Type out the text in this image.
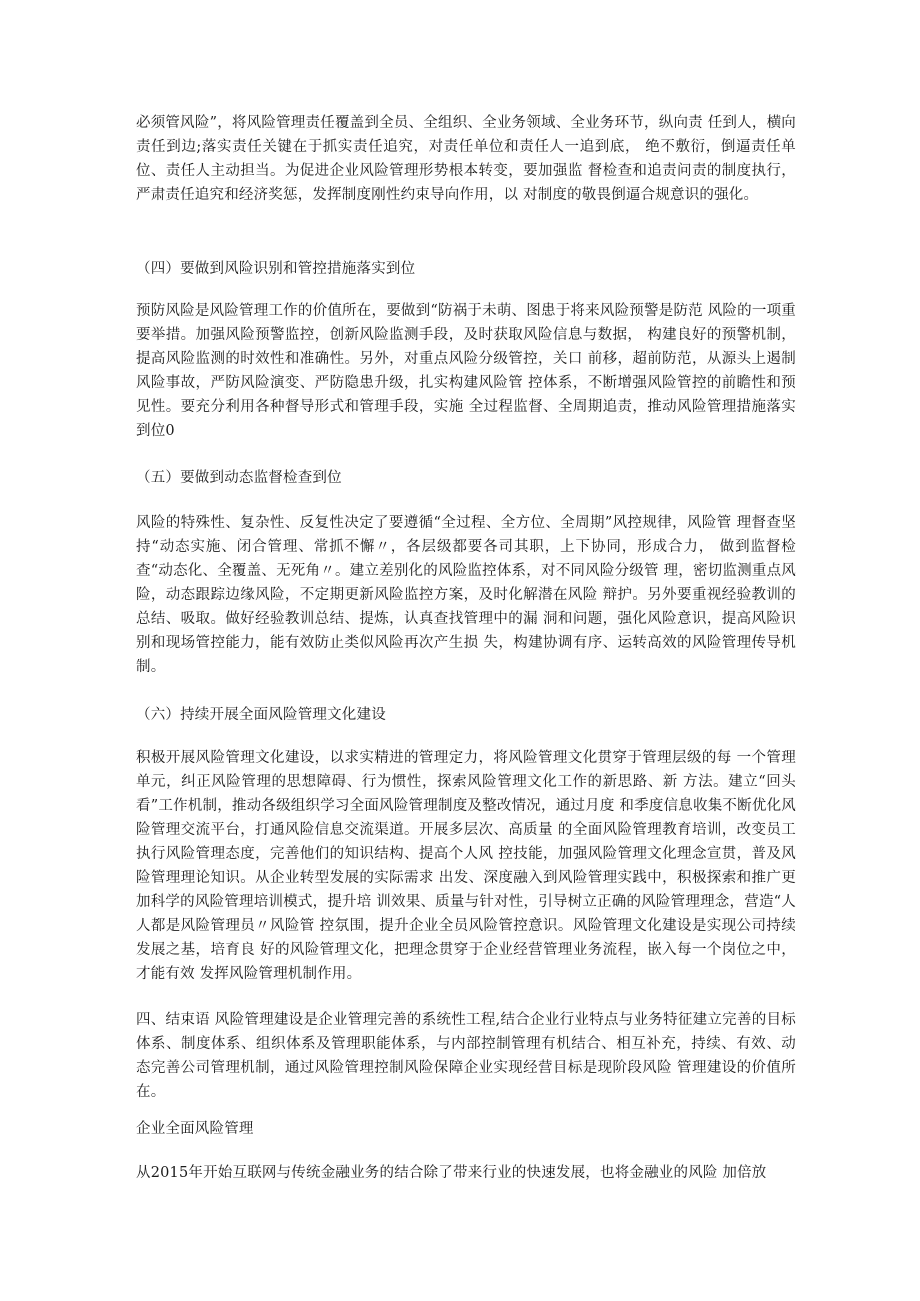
必须管风险”，将风险管理责任覆盖到全员、全组织、全业务领域、全业务环节，纵向责 任到人，横向责任到边;落实责任关键在于抓实责任追究，对责任单位和责任人一追到底， 绝不敷衍，倒逼责任单位、责任人主动担当。为促进企业风险管理形势根本转变，要加强监 督检查和追责问责的制度执行，严肃责任追究和经济奖惩，发挥制度刚性约束导向作用，以 对制度的敬畏倒逼合规意识的强化。
（四）要做到风险识别和管控措施落实到位
预防风险是风险管理工作的价值所在，要做到“防祸于未萌、图患于将来风险预警是防范 风险的一项重要举措。加强风险预警监控，创新风险监测手段，及时获取风险信息与数据， 构建良好的预警机制，提高风险监测的时效性和准确性。另外，对重点风险分级管控，关口 前移，超前防范，从源头上遏制风险事故，严防风险演变、严防隐患升级，扎实构建风险管 控体系，不断增强风险管控的前瞻性和预见性。要充分利用各种督导形式和管理手段，实施 全过程监督、全周期追责，推动风险管理措施落实到位0
（五）要做到动态监督检查到位
风险的特殊性、复杂性、反复性决定了要遵循“全过程、全方位、全周期”风控规律，风险管 理督查坚持“动态实施、闭合管理、常抓不懈〃，各层级都要各司其职，上下协同，形成合力， 做到监督检查“动态化、全覆盖、无死角〃。建立差别化的风险监控体系，对不同风险分级管 理，密切监测重点风险，动态跟踪边缘风险，不定期更新风险监控方案，及时化解潜在风险 辩护。另外要重视经验教训的总结、吸取。做好经验教训总结、提炼，认真查找管理中的漏 洞和问题，强化风险意识，提高风险识别和现场管控能力，能有效防止类似风险再次产生损 失，构建协调有序、运转高效的风险管理传导机制。
（六）持续开展全面风险管理文化建设
积极开展风险管理文化建设，以求实精进的管理定力，将风险管理文化贯穿于管理层级的每 一个管理单元，纠正风险管理的思想障碍、行为惯性，探索风险管理文化工作的新思路、新 方法。建立“回头看”工作机制，推动各级组织学习全面风险管理制度及整改情况，通过月度 和季度信息收集不断优化风险管理交流平台，打通风险信息交流渠道。开展多层次、高质量 的全面风险管理教育培训，改变员工执行风险管理态度，完善他们的知识结构、提高个人风 控技能，加强风险管理文化理念宣贯，普及风险管理理论知识。从企业转型发展的实际需求 出发、深度融入到风险管理实践中，积极探索和推广更加科学的风险管理培训模式，提升培 训效果、质量与针对性，引导树立正确的风险管理理念，营造“人人都是风险管理员〃风险管 控氛围，提升企业全员风险管控意识。风险管理文化建设是实现公司持续发展之基，培育良 好的风险管理文化，把理念贯穿于企业经营管理业务流程，嵌入每一个岗位之中，才能有效 发挥风险管理机制作用。
四、结束语 风险管理建设是企业管理完善的系统性工程,结合企业行业特点与业务特征建立完善的目标 体系、制度体系、组织体系及管理职能体系，与内部控制管理有机结合、相互补充，持续、有效、动态完善公司管理机制，通过风险管理控制风险保障企业实现经营目标是现阶段风险 管理建设的价值所在。
企业全面风险管理
从2015年开始互联网与传统金融业务的结合除了带来行业的快速发展，也将金融业的风险 加倍放
